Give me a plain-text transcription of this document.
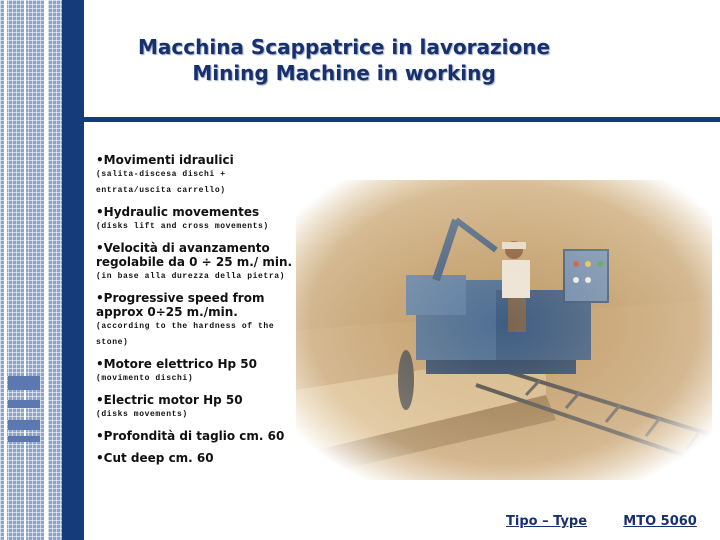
Macchina Scappatrice in lavorazione
Mining Machine in working

•Movimenti idraulici

(salita-discesa dischi + entrata/uscita carrello)

•Hydraulic movementes

(disks lift and cross movements)

•Velocità di avanzamento regolabile da 0 ÷ 25 m./ min.

(in base alla durezza della pietra)

•Progressive speed from approx 0÷25 m./min.

(according to the hardness of the stone)

•Motore elettrico Hp 50

(movimento dischi)

•Electric motor Hp 50

(disks movements)

•Profondità di taglio cm. 60

•Cut deep cm. 60

Tipo – Type	MTO 5060
